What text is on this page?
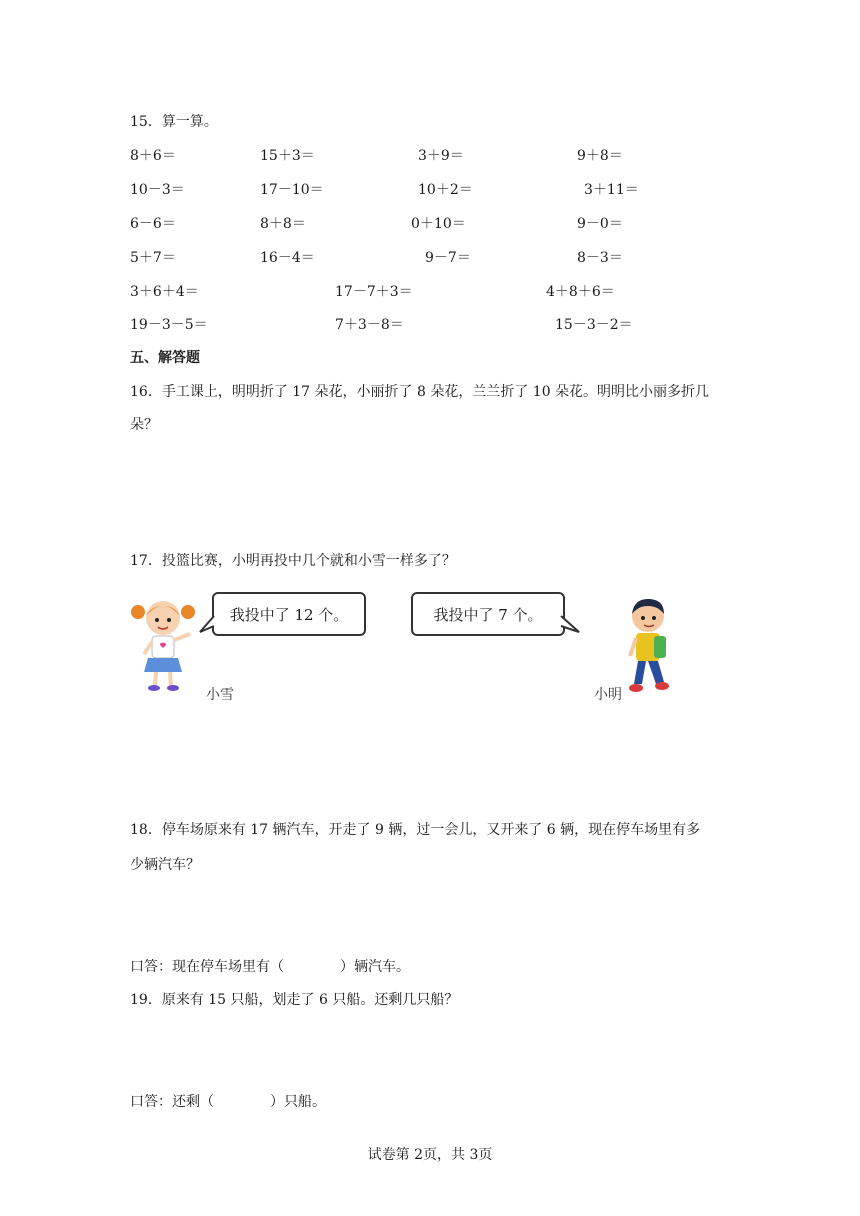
15．算一算。
8＋6＝	15＋3＝	3＋9＝	9＋8＝
10－3＝	17－10＝	10＋2＝	3＋11＝
6－6＝	8＋8＝	0＋10＝	9－0＝
5＋7＝	16－4＝	9－7＝	8－3＝
3＋6＋4＝	17－7＋3＝	4＋8＋6＝
19－3－5＝	7＋3－8＝	15－3－2＝
五、解答题
16．手工课上，明明折了 17 朵花，小丽折了 8 朵花，兰兰折了 10 朵花。明明比小丽多折几
朵？
17．投篮比赛，小明再投中几个就和小雪一样多了？
我投中了 12 个。	我投中了 7 个。
小雪	小明
18．停车场原来有 17 辆汽车，开走了 9 辆，过一会儿，又开来了 6 辆，现在停车场里有多
少辆汽车？
口答：现在停车场里有（　　　　）辆汽车。
19．原来有 15 只船，划走了 6 只船。还剩几只船？
口答：还剩（　　　　）只船。
试卷第 2页，共 3页
